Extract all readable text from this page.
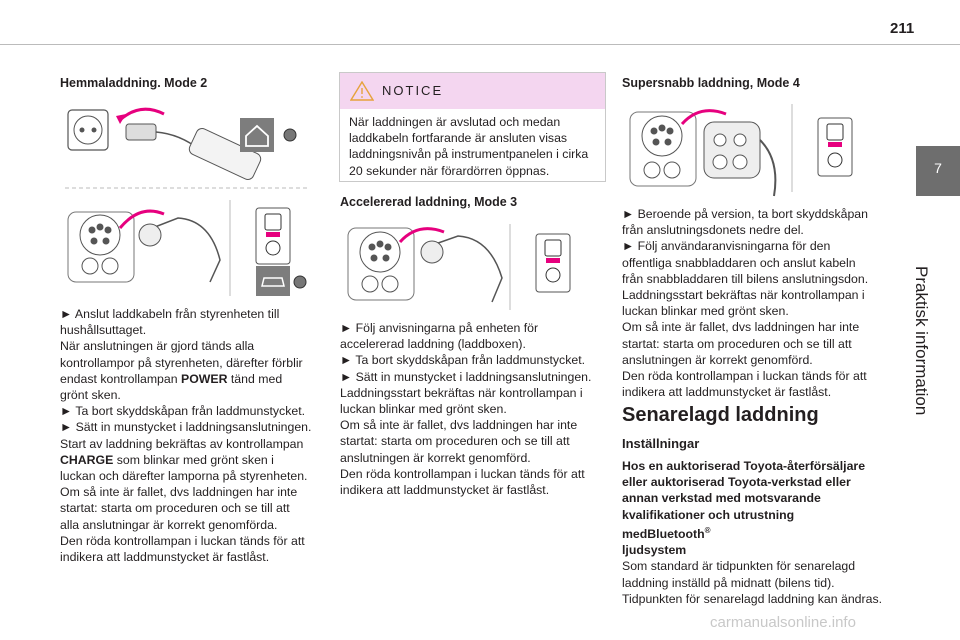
211
7
Praktisk information
Hemmaladdning. Mode 2

► Anslut laddkabeln från styrenheten till hushållsuttaget.

När anslutningen är gjord tänds alla kontrollampor på styrenheten, därefter förblir endast kontrollampan POWER tänd med grönt sken.

► Ta bort skyddskåpan från laddmunstycket.

► Sätt in munstycket i laddningsanslutningen.

Start av laddning bekräftas av kontrollampan CHARGE som blinkar med grönt sken i luckan och därefter lamporna på styrenheten.

Om så inte är fallet, dvs laddningen har inte startat: starta om proceduren och se till att alla anslutningar är korrekt genomförda.

Den röda kontrollampan i luckan tänds för att indikera att laddmunstycket är fastlåst.

NOTICE
När laddningen är avslutad och medan laddkabeln fortfarande är ansluten visas laddningsnivån på instrumentpanelen i cirka 20 sekunder när förardörren öppnas.
Accelererad laddning, Mode 3

► Följ anvisningarna på enheten för accelererad laddning (laddboxen).

► Ta bort skyddskåpan från laddmunstycket.

► Sätt in munstycket i laddningsanslutningen.

Laddningsstart bekräftas när kontrollampan i luckan blinkar med grönt sken.

Om så inte är fallet, dvs laddningen har inte startat: starta om proceduren och se till att anslutningen är korrekt genomförd.

Den röda kontrollampan i luckan tänds för att indikera att laddmunstycket är fastlåst.

Supersnabb laddning, Mode 4

► Beroende på version, ta bort skyddskåpan från anslutningsdonets nedre del.

► Följ användaranvisningarna för den offentliga snabbladdaren och anslut kabeln från snabbladdaren till bilens anslutningsdon.

Laddningsstart bekräftas när kontrollampan i luckan blinkar med grönt sken.

Om så inte är fallet, dvs laddningen har inte startat: starta om proceduren och se till att anslutningen är korrekt genomförd.

Den röda kontrollampan i luckan tänds för att indikera att laddmunstycket är fastlåst.

Senarelagd laddning
Inställningar

Hos en auktoriserad Toyota-återförsäljare eller auktoriserad Toyota-verkstad eller annan verkstad med motsvarande kvalifikationer och utrustning medBluetooth®
ljudsystem

Som standard är tidpunkten för senarelagd laddning inställd på midnatt (bilens tid).

Tidpunkten för senarelagd laddning kan ändras.

carmanualsonline.info
